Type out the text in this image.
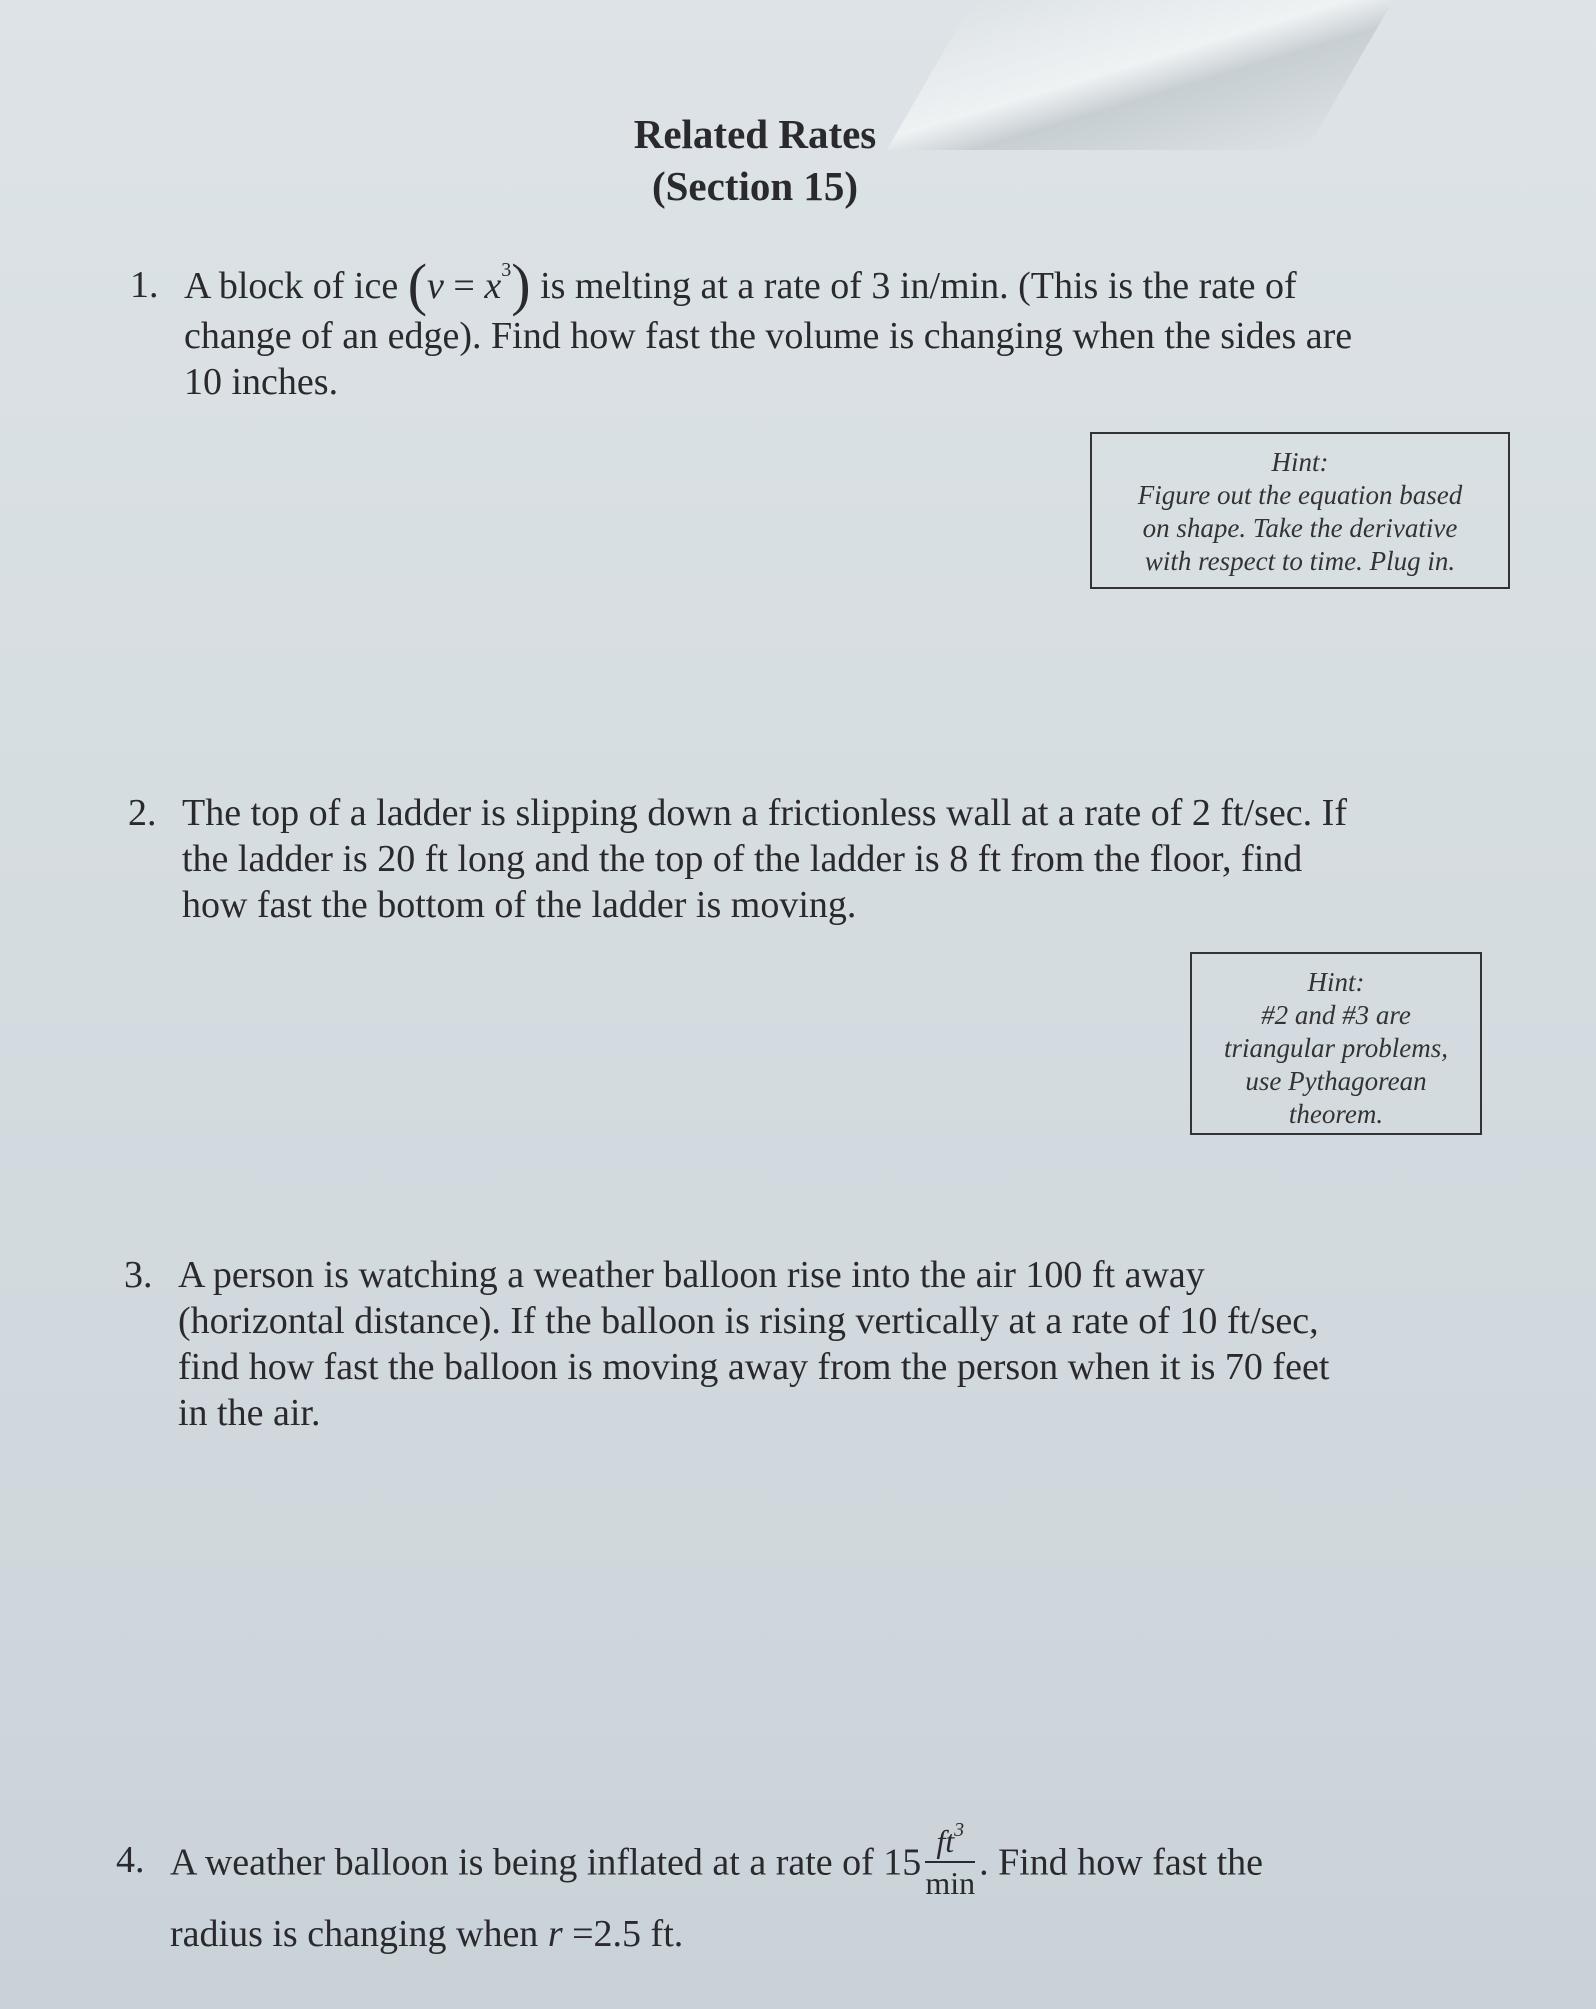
Related Rates
(Section 15)
1. A block of ice $(v = x^3)$ is melting at a rate of 3 in/min. (This is the rate of
change of an edge). Find how fast the volume is changing when the sides are
10 inches.
Hint:
Figure out the equation based
on shape. Take the derivative
with respect to time. Plug in.
2. The top of a ladder is slipping down a frictionless wall at a rate of 2 ft/sec. If
the ladder is 20 ft long and the top of the ladder is 8 ft from the floor, find
how fast the bottom of the ladder is moving.
Hint:
#2 and #3 are
triangular problems,
use Pythagorean
theorem.
3. A person is watching a weather balloon rise into the air 100 ft away
(horizontal distance). If the balloon is rising vertically at a rate of 10 ft/sec,
find how fast the balloon is moving away from the person when it is 70 feet
in the air.
4. A weather balloon is being inflated at a rate of $15 \frac{ft^3}{\min}$ . Find how fast the
radius is changing when r =2.5 ft.
